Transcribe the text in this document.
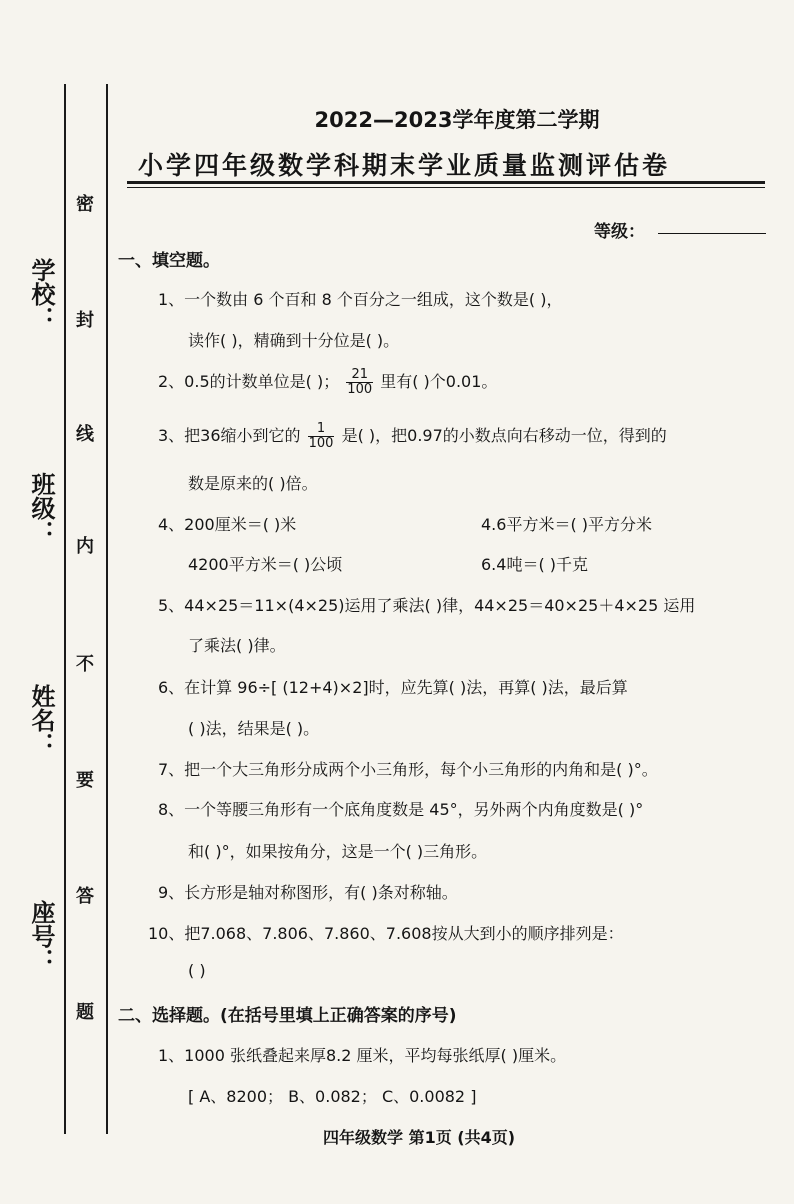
学校：
班级：
姓名：
座号：
密
封
线
内
不
要
答
题
2022—2023学年度第二学期
小学四年级数学科期末学业质量监测评估卷
等级：
一、填空题。
1、一个数由 6 个百和 8 个百分之一组成，这个数是( )，
读作( )，精确到十分位是( )。
2、0.5的计数单位是( )； $\frac{21}{100}$ 里有( )个0.01。
3、把36缩小到它的 $\frac{1}{100}$ 是( )，把0.97的小数点向右移动一位，得到的
数是原来的( )倍。
4、200厘米＝( )米	4.6平方米＝( )平方分米
4200平方米＝( )公顷	6.4吨＝( )千克
5、44×25＝11×(4×25)运用了乘法( )律，44×25＝40×25＋4×25 运用
了乘法( )律。
6、在计算 96÷[ (12+4)×2]时，应先算( )法，再算( )法，最后算
( )法，结果是( )。
7、把一个大三角形分成两个小三角形，每个小三角形的内角和是( )°。
8、一个等腰三角形有一个底角度数是 45°，另外两个内角度数是( )°
和( )°，如果按角分，这是一个( )三角形。
9、长方形是轴对称图形，有( )条对称轴。
10、把7.068、7.806、7.860、7.608按从大到小的顺序排列是：
( )
二、选择题。(在括号里填上正确答案的序号)
1、1000 张纸叠起来厚8.2 厘米，平均每张纸厚( )厘米。
[ A、8200； B、0.082； C、0.0082 ]
四年级数学 第1页 (共4页)
